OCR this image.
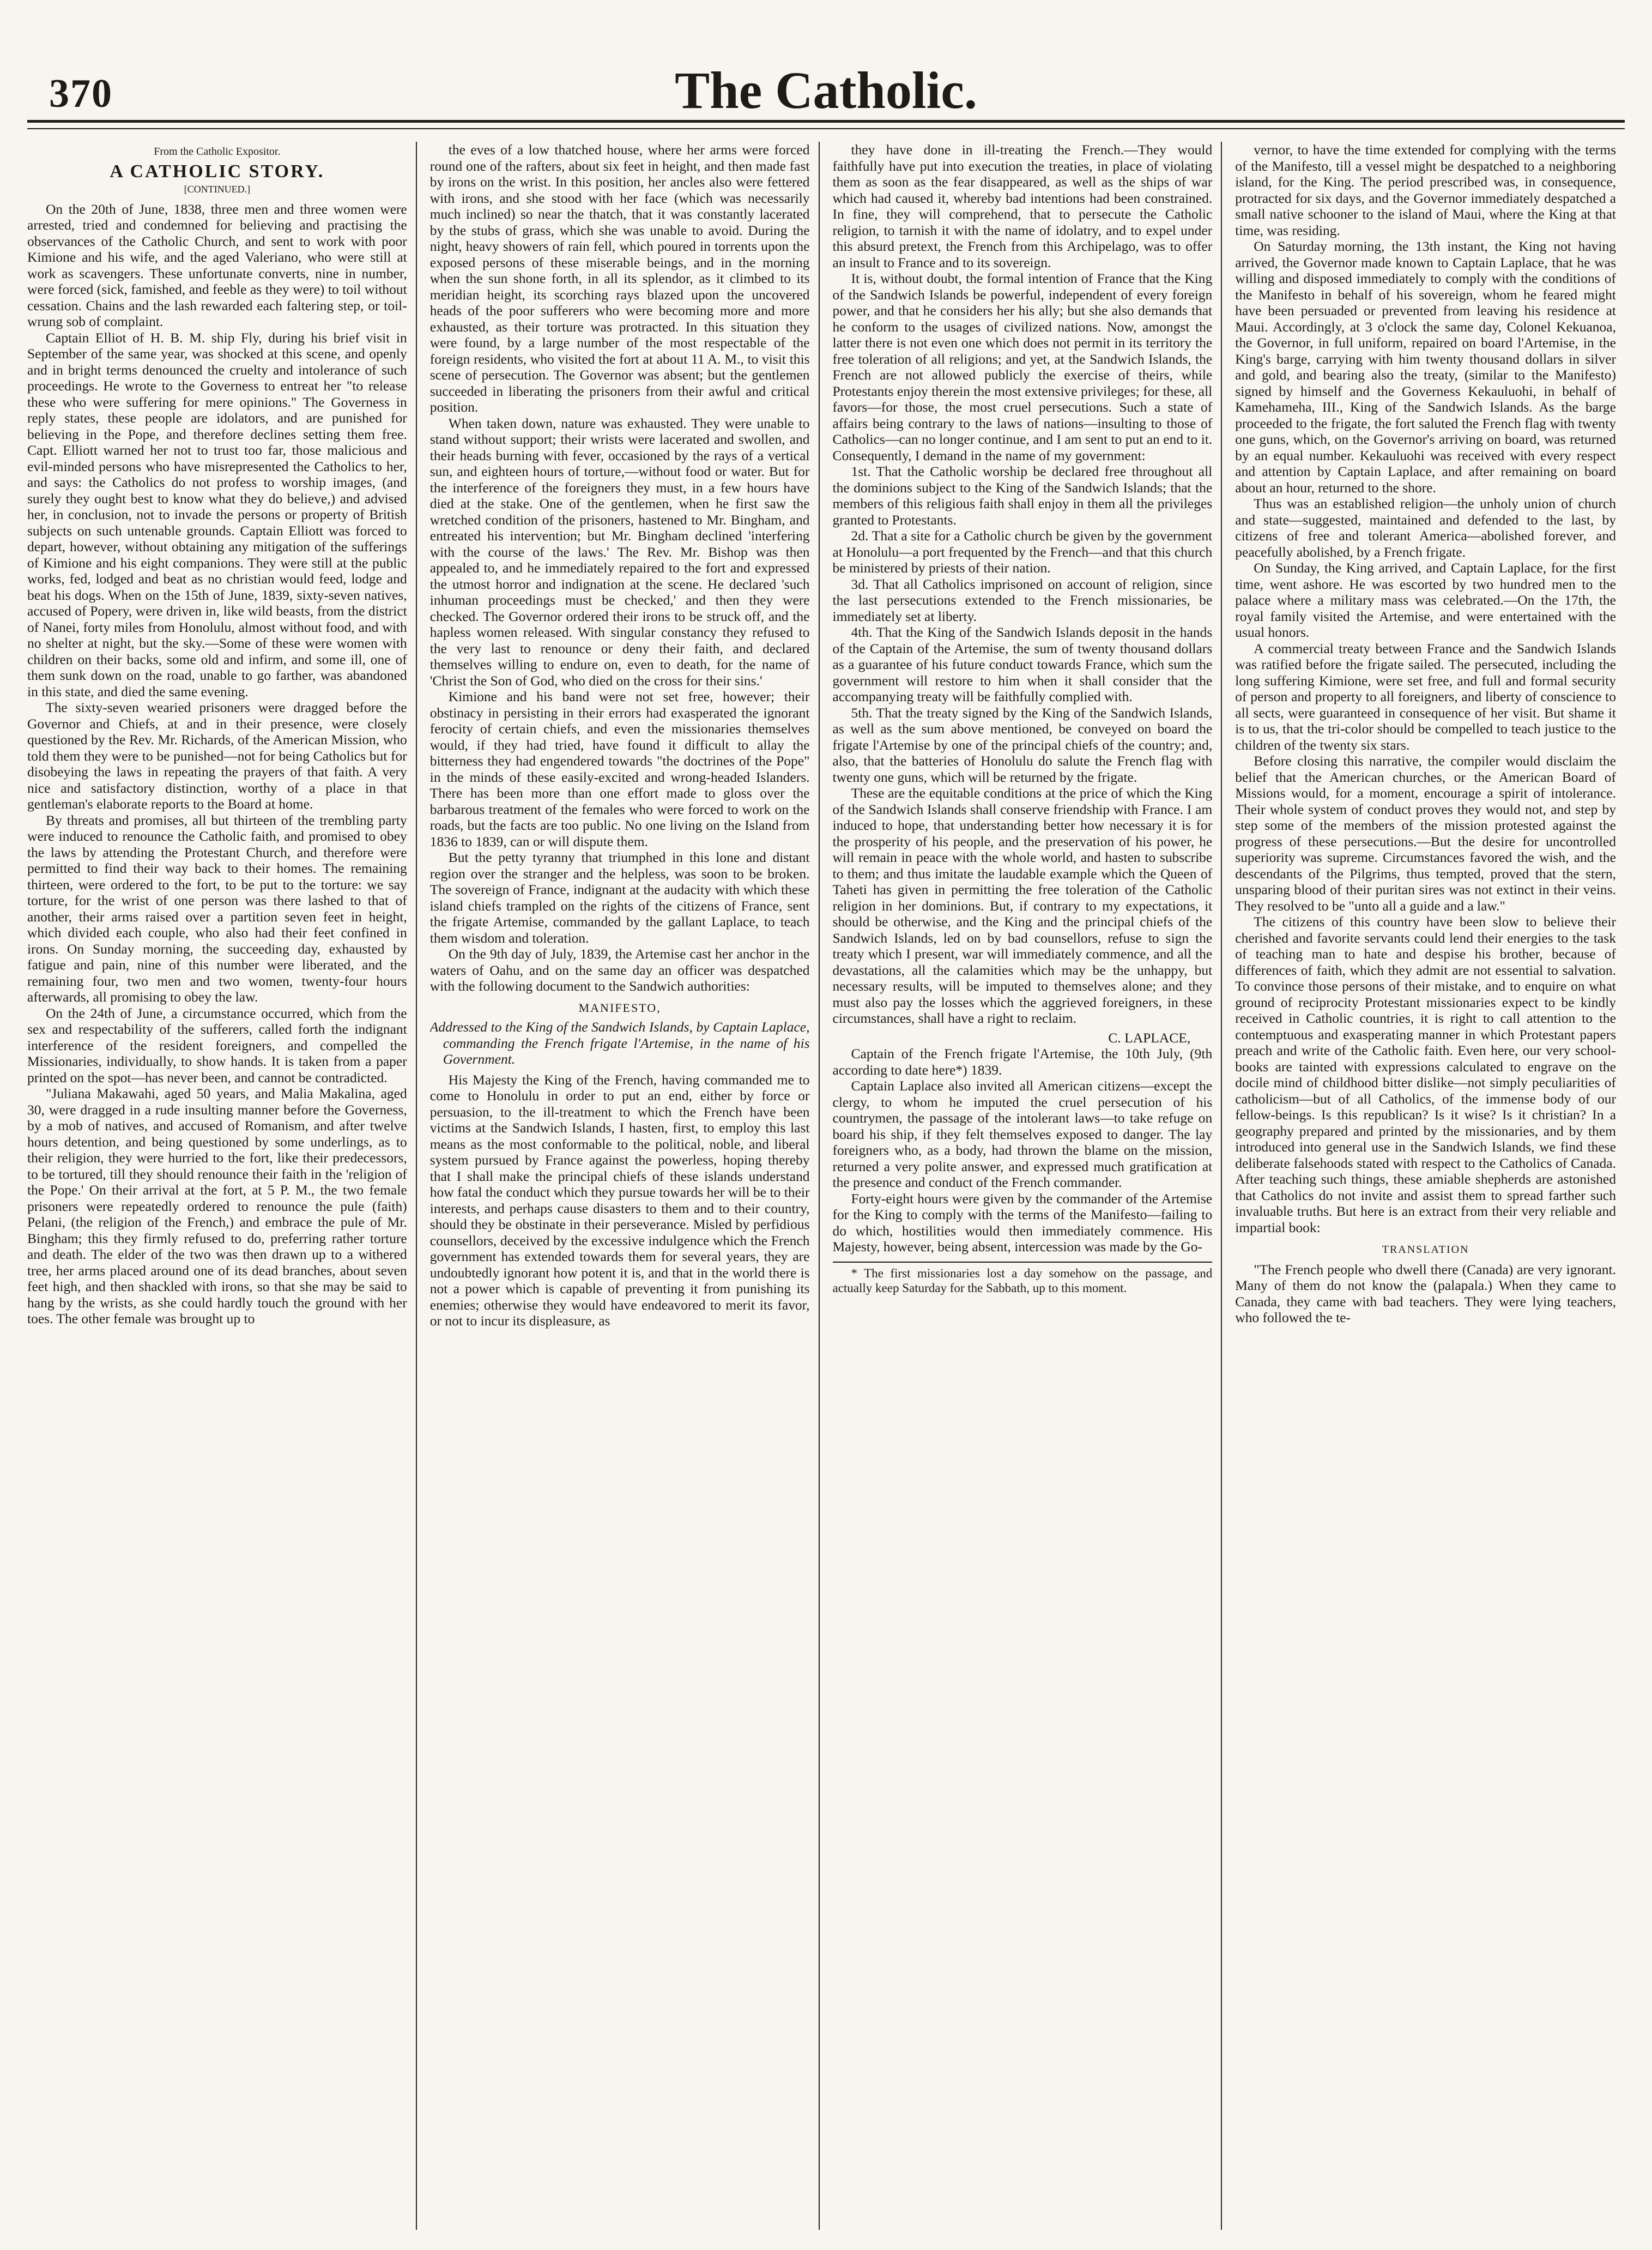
370	The Catholic.

From the Catholic Expositor.

A CATHOLIC STORY.

[CONTINUED.]

On the 20th of June, 1838, three men and three women were arrested, tried and condemned for believing and practising the observances of the Catholic Church, and sent to work with poor Kimione and his wife, and the aged Valeriano, who were still at work as scavengers. These unfortunate converts, nine in number, were forced (sick, famished, and feeble as they were) to toil without cessation. Chains and the lash rewarded each faltering step, or toil-wrung sob of complaint.

Captain Elliot of H. B. M. ship Fly, during his brief visit in September of the same year, was shocked at this scene, and openly and in bright terms denounced the cruelty and intolerance of such proceedings. He wrote to the Governess to entreat her "to release these who were suffering for mere opinions." The Governess in reply states, these people are idolators, and are punished for believing in the Pope, and therefore declines setting them free. Capt. Elliott warned her not to trust too far, those malicious and evil-minded persons who have misrepresented the Catholics to her, and says: the Catholics do not profess to worship images, (and surely they ought best to know what they do believe,) and advised her, in conclusion, not to invade the persons or property of British subjects on such untenable grounds. Captain Elliott was forced to depart, however, without obtaining any mitigation of the sufferings of Kimione and his eight companions. They were still at the public works, fed, lodged and beat as no christian would feed, lodge and beat his dogs. When on the 15th of June, 1839, sixty-seven natives, accused of Popery, were driven in, like wild beasts, from the district of Nanei, forty miles from Honolulu, almost without food, and with no shelter at night, but the sky.—Some of these were women with children on their backs, some old and infirm, and some ill, one of them sunk down on the road, unable to go farther, was abandoned in this state, and died the same evening.

The sixty-seven wearied prisoners were dragged before the Governor and Chiefs, at and in their presence, were closely questioned by the Rev. Mr. Richards, of the American Mission, who told them they were to be punished—not for being Catholics but for disobeying the laws in repeating the prayers of that faith. A very nice and satisfactory distinction, worthy of a place in that gentleman's elaborate reports to the Board at home.

By threats and promises, all but thirteen of the trembling party were induced to renounce the Catholic faith, and promised to obey the laws by attending the Protestant Church, and therefore were permitted to find their way back to their homes. The remaining thirteen, were ordered to the fort, to be put to the torture: we say torture, for the wrist of one person was there lashed to that of another, their arms raised over a partition seven feet in height, which divided each couple, who also had their feet confined in irons. On Sunday morning, the succeeding day, exhausted by fatigue and pain, nine of this number were liberated, and the remaining four, two men and two women, twenty-four hours afterwards, all promising to obey the law.

On the 24th of June, a circumstance occurred, which from the sex and respectability of the sufferers, called forth the indignant interference of the resident foreigners, and compelled the Missionaries, individually, to show hands. It is taken from a paper printed on the spot—has never been, and cannot be contradicted.

"Juliana Makawahi, aged 50 years, and Malia Makalina, aged 30, were dragged in a rude insulting manner before the Governess, by a mob of natives, and accused of Romanism, and after twelve hours detention, and being questioned by some underlings, as to their religion, they were hurried to the fort, like their predecessors, to be tortured, till they should renounce their faith in the 'religion of the Pope.' On their arrival at the fort, at 5 P. M., the two female prisoners were repeatedly ordered to renounce the pule (faith) Pelani, (the religion of the French,) and embrace the pule of Mr. Bingham; this they firmly refused to do, preferring rather torture and death. The elder of the two was then drawn up to a withered tree, her arms placed around one of its dead branches, about seven feet high, and then shackled with irons, so that she may be said to hang by the wrists, as she could hardly touch the ground with her toes. The other female was brought up to

the eves of a low thatched house, where her arms were forced round one of the rafters, about six feet in height, and then made fast by irons on the wrist. In this position, her ancles also were fettered with irons, and she stood with her face (which was necessarily much inclined) so near the thatch, that it was constantly lacerated by the stubs of grass, which she was unable to avoid. During the night, heavy showers of rain fell, which poured in torrents upon the exposed persons of these miserable beings, and in the morning when the sun shone forth, in all its splendor, as it climbed to its meridian height, its scorching rays blazed upon the uncovered heads of the poor sufferers who were becoming more and more exhausted, as their torture was protracted. In this situation they were found, by a large number of the most respectable of the foreign residents, who visited the fort at about 11 A. M., to visit this scene of persecution. The Governor was absent; but the gentlemen succeeded in liberating the prisoners from their awful and critical position.

When taken down, nature was exhausted. They were unable to stand without support; their wrists were lacerated and swollen, and their heads burning with fever, occasioned by the rays of a vertical sun, and eighteen hours of torture,—without food or water. But for the interference of the foreigners they must, in a few hours have died at the stake. One of the gentlemen, when he first saw the wretched condition of the prisoners, hastened to Mr. Bingham, and entreated his intervention; but Mr. Bingham declined 'interfering with the course of the laws.' The Rev. Mr. Bishop was then appealed to, and he immediately repaired to the fort and expressed the utmost horror and indignation at the scene. He declared 'such inhuman proceedings must be checked,' and then they were checked. The Governor ordered their irons to be struck off, and the hapless women released. With singular constancy they refused to the very last to renounce or deny their faith, and declared themselves willing to endure on, even to death, for the name of 'Christ the Son of God, who died on the cross for their sins.'

Kimione and his band were not set free, however; their obstinacy in persisting in their errors had exasperated the ignorant ferocity of certain chiefs, and even the missionaries themselves would, if they had tried, have found it difficult to allay the bitterness they had engendered towards "the doctrines of the Pope" in the minds of these easily-excited and wrong-headed Islanders. There has been more than one effort made to gloss over the barbarous treatment of the females who were forced to work on the roads, but the facts are too public. No one living on the Island from 1836 to 1839, can or will dispute them.

But the petty tyranny that triumphed in this lone and distant region over the stranger and the helpless, was soon to be broken. The sovereign of France, indignant at the audacity with which these island chiefs trampled on the rights of the citizens of France, sent the frigate Artemise, commanded by the gallant Laplace, to teach them wisdom and toleration.

On the 9th day of July, 1839, the Artemise cast her anchor in the waters of Oahu, and on the same day an officer was despatched with the following document to the Sandwich authorities:

MANIFESTO,

Addressed to the King of the Sandwich Islands, by Captain Laplace, commanding the French frigate l'Artemise, in the name of his Government.

His Majesty the King of the French, having commanded me to come to Honolulu in order to put an end, either by force or persuasion, to the ill-treatment to which the French have been victims at the Sandwich Islands, I hasten, first, to employ this last means as the most conformable to the political, noble, and liberal system pursued by France against the powerless, hoping thereby that I shall make the principal chiefs of these islands understand how fatal the conduct which they pursue towards her will be to their interests, and perhaps cause disasters to them and to their country, should they be obstinate in their perseverance. Misled by perfidious counsellors, deceived by the excessive indulgence which the French government has extended towards them for several years, they are undoubtedly ignorant how potent it is, and that in the world there is not a power which is capable of preventing it from punishing its enemies; otherwise they would have endeavored to merit its favor, or not to incur its displeasure, as

they have done in ill-treating the French.—They would faithfully have put into execution the treaties, in place of violating them as soon as the fear disappeared, as well as the ships of war which had caused it, whereby bad intentions had been constrained. In fine, they will comprehend, that to persecute the Catholic religion, to tarnish it with the name of idolatry, and to expel under this absurd pretext, the French from this Archipelago, was to offer an insult to France and to its sovereign.

It is, without doubt, the formal intention of France that the King of the Sandwich Islands be powerful, independent of every foreign power, and that he considers her his ally; but she also demands that he conform to the usages of civilized nations. Now, amongst the latter there is not even one which does not permit in its territory the free toleration of all religions; and yet, at the Sandwich Islands, the French are not allowed publicly the exercise of theirs, while Protestants enjoy therein the most extensive privileges; for these, all favors—for those, the most cruel persecutions. Such a state of affairs being contrary to the laws of nations—insulting to those of Catholics—can no longer continue, and I am sent to put an end to it. Consequently, I demand in the name of my government:

1st. That the Catholic worship be declared free throughout all the dominions subject to the King of the Sandwich Islands; that the members of this religious faith shall enjoy in them all the privileges granted to Protestants.

2d. That a site for a Catholic church be given by the government at Honolulu—a port frequented by the French—and that this church be ministered by priests of their nation.

3d. That all Catholics imprisoned on account of religion, since the last persecutions extended to the French missionaries, be immediately set at liberty.

4th. That the King of the Sandwich Islands deposit in the hands of the Captain of the Artemise, the sum of twenty thousand dollars as a guarantee of his future conduct towards France, which sum the government will restore to him when it shall consider that the accompanying treaty will be faithfully complied with.

5th. That the treaty signed by the King of the Sandwich Islands, as well as the sum above mentioned, be conveyed on board the frigate l'Artemise by one of the principal chiefs of the country; and, also, that the batteries of Honolulu do salute the French flag with twenty one guns, which will be returned by the frigate.

These are the equitable conditions at the price of which the King of the Sandwich Islands shall conserve friendship with France. I am induced to hope, that understanding better how necessary it is for the prosperity of his people, and the preservation of his power, he will remain in peace with the whole world, and hasten to subscribe to them; and thus imitate the laudable example which the Queen of Taheti has given in permitting the free toleration of the Catholic religion in her dominions. But, if contrary to my expectations, it should be otherwise, and the King and the principal chiefs of the Sandwich Islands, led on by bad counsellors, refuse to sign the treaty which I present, war will immediately commence, and all the devastations, all the calamities which may be the unhappy, but necessary results, will be imputed to themselves alone; and they must also pay the losses which the aggrieved foreigners, in these circumstances, shall have a right to reclaim.

C. LAPLACE,

Captain of the French frigate l'Artemise, the 10th July, (9th according to date here*) 1839.

Captain Laplace also invited all American citizens—except the clergy, to whom he imputed the cruel persecution of his countrymen, the passage of the intolerant laws—to take refuge on board his ship, if they felt themselves exposed to danger. The lay foreigners who, as a body, had thrown the blame on the mission, returned a very polite answer, and expressed much gratification at the presence and conduct of the French commander.

Forty-eight hours were given by the commander of the Artemise for the King to comply with the terms of the Manifesto—failing to do which, hostilities would then immediately commence. His Majesty, however, being absent, intercession was made by the Go-

* The first missionaries lost a day somehow on the passage, and actually keep Saturday for the Sabbath, up to this moment.

vernor, to have the time extended for complying with the terms of the Manifesto, till a vessel might be despatched to a neighboring island, for the King. The period prescribed was, in consequence, protracted for six days, and the Governor immediately despatched a small native schooner to the island of Maui, where the King at that time, was residing.

On Saturday morning, the 13th instant, the King not having arrived, the Governor made known to Captain Laplace, that he was willing and disposed immediately to comply with the conditions of the Manifesto in behalf of his sovereign, whom he feared might have been persuaded or prevented from leaving his residence at Maui. Accordingly, at 3 o'clock the same day, Colonel Kekuanoa, the Governor, in full uniform, repaired on board l'Artemise, in the King's barge, carrying with him twenty thousand dollars in silver and gold, and bearing also the treaty, (similar to the Manifesto) signed by himself and the Governess Kekauluohi, in behalf of Kamehameha, III., King of the Sandwich Islands. As the barge proceeded to the frigate, the fort saluted the French flag with twenty one guns, which, on the Governor's arriving on board, was returned by an equal number. Kekauluohi was received with every respect and attention by Captain Laplace, and after remaining on board about an hour, returned to the shore.

Thus was an established religion—the unholy union of church and state—suggested, maintained and defended to the last, by citizens of free and tolerant America—abolished forever, and peacefully abolished, by a French frigate.

On Sunday, the King arrived, and Captain Laplace, for the first time, went ashore. He was escorted by two hundred men to the palace where a military mass was celebrated.—On the 17th, the royal family visited the Artemise, and were entertained with the usual honors.

A commercial treaty between France and the Sandwich Islands was ratified before the frigate sailed. The persecuted, including the long suffering Kimione, were set free, and full and formal security of person and property to all foreigners, and liberty of conscience to all sects, were guaranteed in consequence of her visit. But shame it is to us, that the tri-color should be compelled to teach justice to the children of the twenty six stars.

Before closing this narrative, the compiler would disclaim the belief that the American churches, or the American Board of Missions would, for a moment, encourage a spirit of intolerance. Their whole system of conduct proves they would not, and step by step some of the members of the mission protested against the progress of these persecutions.—But the desire for uncontrolled superiority was supreme. Circumstances favored the wish, and the descendants of the Pilgrims, thus tempted, proved that the stern, unsparing blood of their puritan sires was not extinct in their veins. They resolved to be "unto all a guide and a law."

The citizens of this country have been slow to believe their cherished and favorite servants could lend their energies to the task of teaching man to hate and despise his brother, because of differences of faith, which they admit are not essential to salvation. To convince those persons of their mistake, and to enquire on what ground of reciprocity Protestant missionaries expect to be kindly received in Catholic countries, it is right to call attention to the contemptuous and exasperating manner in which Protestant papers preach and write of the Catholic faith. Even here, our very school-books are tainted with expressions calculated to engrave on the docile mind of childhood bitter dislike—not simply peculiarities of catholicism—but of all Catholics, of the immense body of our fellow-beings. Is this republican? Is it wise? Is it christian? In a geography prepared and printed by the missionaries, and by them introduced into general use in the Sandwich Islands, we find these deliberate falsehoods stated with respect to the Catholics of Canada. After teaching such things, these amiable shepherds are astonished that Catholics do not invite and assist them to spread farther such invaluable truths. But here is an extract from their very reliable and impartial book:

TRANSLATION

"The French people who dwell there (Canada) are very ignorant. Many of them do not know the (palapala.) When they came to Canada, they came with bad teachers. They were lying teachers, who followed the te-
